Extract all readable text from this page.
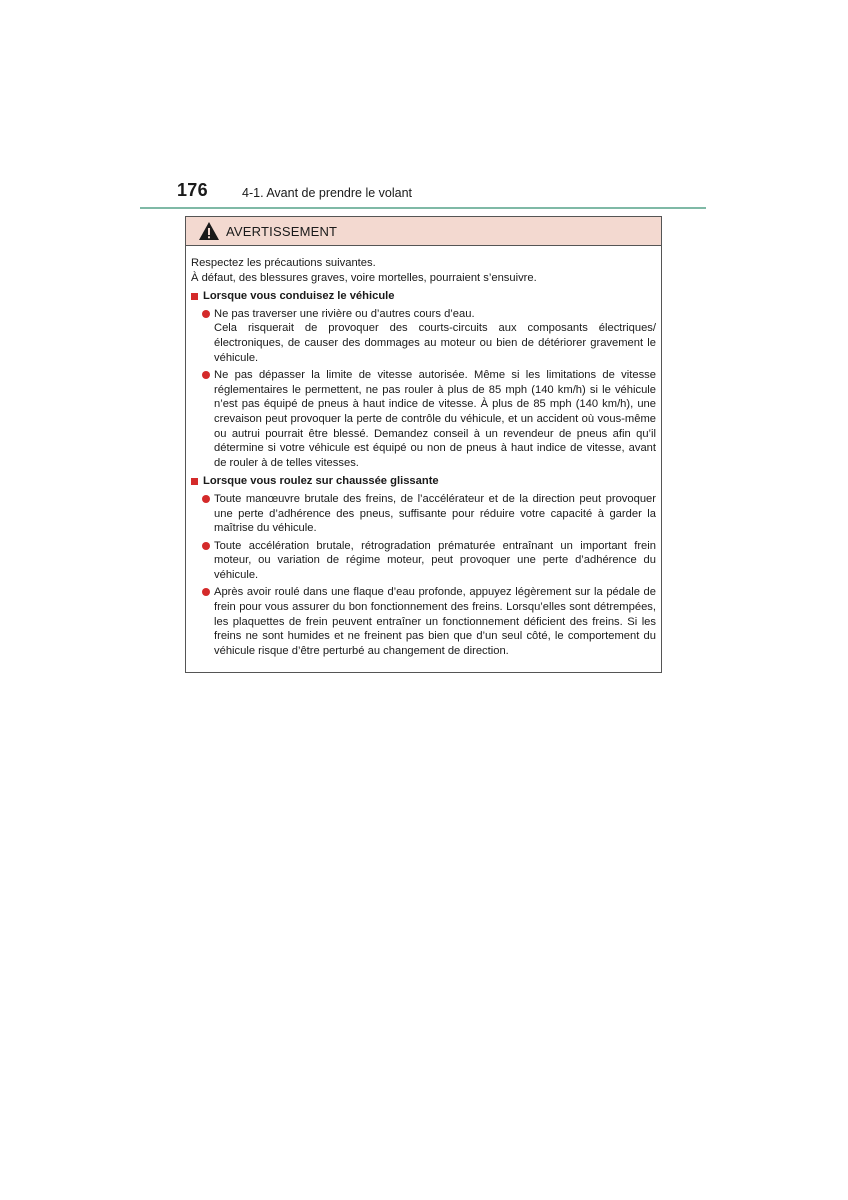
176	4-1. Avant de prendre le volant
AVERTISSEMENT

Respectez les précautions suivantes.

À défaut, des blessures graves, voire mortelles, pourraient s’ensuivre.

Lorsque vous conduisez le véhicule
Ne pas traverser une rivière ou d’autres cours d’eau.
Cela risquerait de provoquer des courts-circuits aux composants électriques/électroniques, de causer des dommages au moteur ou bien de détériorer gravement le véhicule.
Ne pas dépasser la limite de vitesse autorisée. Même si les limitations de vitesse réglementaires le permettent, ne pas rouler à plus de 85 mph (140 km/h) si le véhicule n’est pas équipé de pneus à haut indice de vitesse. À plus de 85 mph (140 km/h), une crevaison peut provoquer la perte de contrôle du véhicule, et un accident où vous-même ou autrui pourrait être blessé. Demandez conseil à un revendeur de pneus afin qu’il détermine si votre véhicule est équipé ou non de pneus à haut indice de vitesse, avant de rouler à de telles vitesses.
Lorsque vous roulez sur chaussée glissante
Toute manœuvre brutale des freins, de l’accélérateur et de la direction peut provoquer une perte d’adhérence des pneus, suffisante pour réduire votre capacité à garder la maîtrise du véhicule.
Toute accélération brutale, rétrogradation prématurée entraînant un important frein moteur, ou variation de régime moteur, peut provoquer une perte d’adhérence du véhicule.
Après avoir roulé dans une flaque d’eau profonde, appuyez légèrement sur la pédale de frein pour vous assurer du bon fonctionnement des freins. Lorsqu’elles sont détrempées, les plaquettes de frein peuvent entraîner un fonctionnement déficient des freins. Si les freins ne sont humides et ne freinent pas bien que d’un seul côté, le comportement du véhicule risque d’être perturbé au changement de direction.
